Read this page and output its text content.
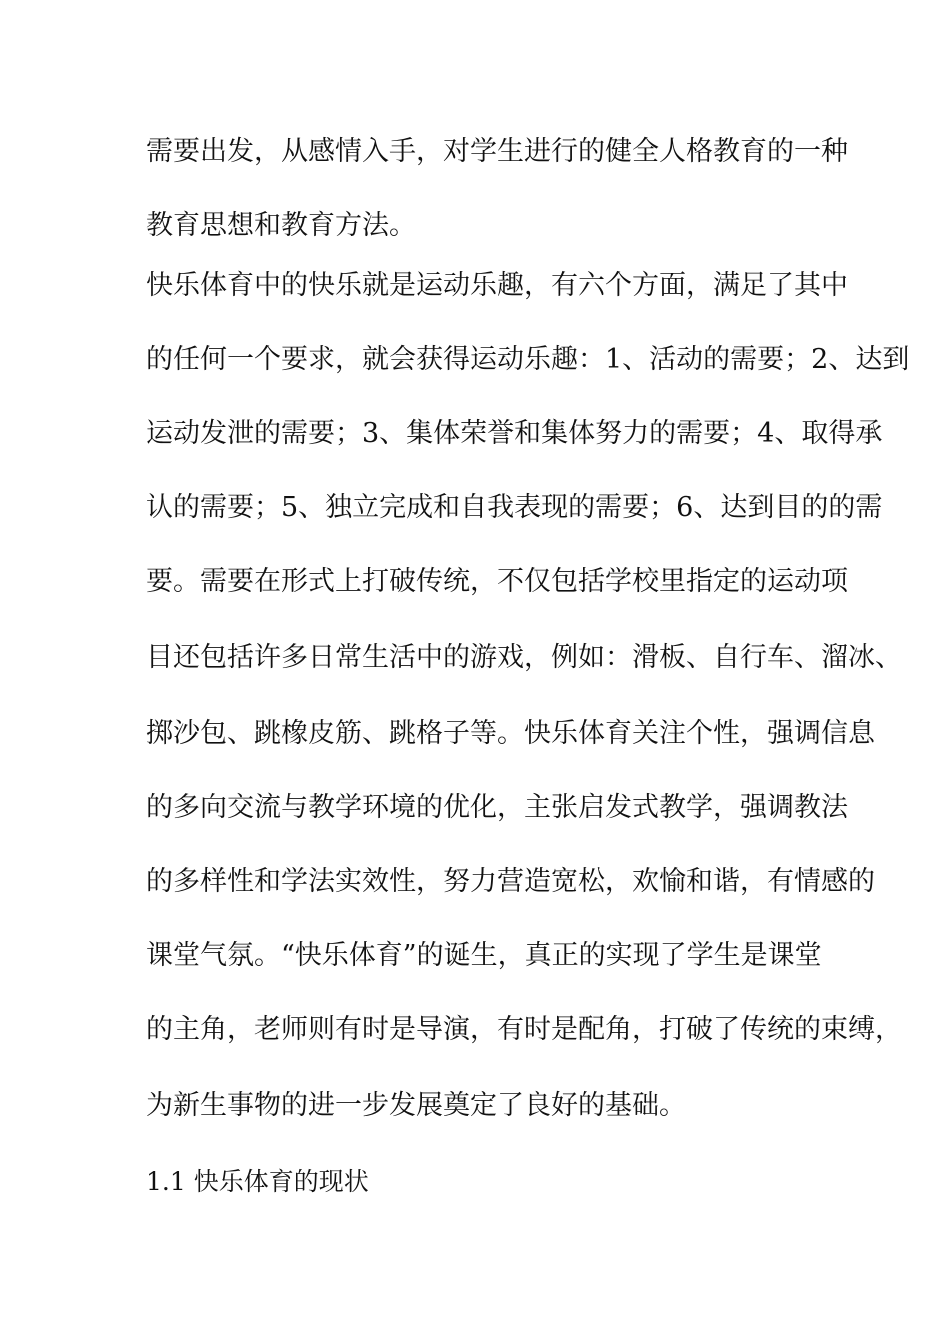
需要出发，从感情入手，对学生进行的健全人格教育的一种
教育思想和教育方法。
快乐体育中的快乐就是运动乐趣，有六个方面，满足了其中
的任何一个要求，就会获得运动乐趣：1、活动的需要；2、达到
运动发泄的需要；3、集体荣誉和集体努力的需要；4、取得承
认的需要；5、独立完成和自我表现的需要；6、达到目的的需
要。需要在形式上打破传统，不仅包括学校里指定的运动项
目还包括许多日常生活中的游戏，例如：滑板、自行车、溜冰、
掷沙包、跳橡皮筋、跳格子等。快乐体育关注个性，强调信息
的多向交流与教学环境的优化，主张启发式教学，强调教法
的多样性和学法实效性，努力营造宽松，欢愉和谐，有情感的
课堂气氛。“快乐体育”的诞生，真正的实现了学生是课堂
的主角，老师则有时是导演，有时是配角，打破了传统的束缚，
为新生事物的进一步发展奠定了良好的基础。
1.1 快乐体育的现状
